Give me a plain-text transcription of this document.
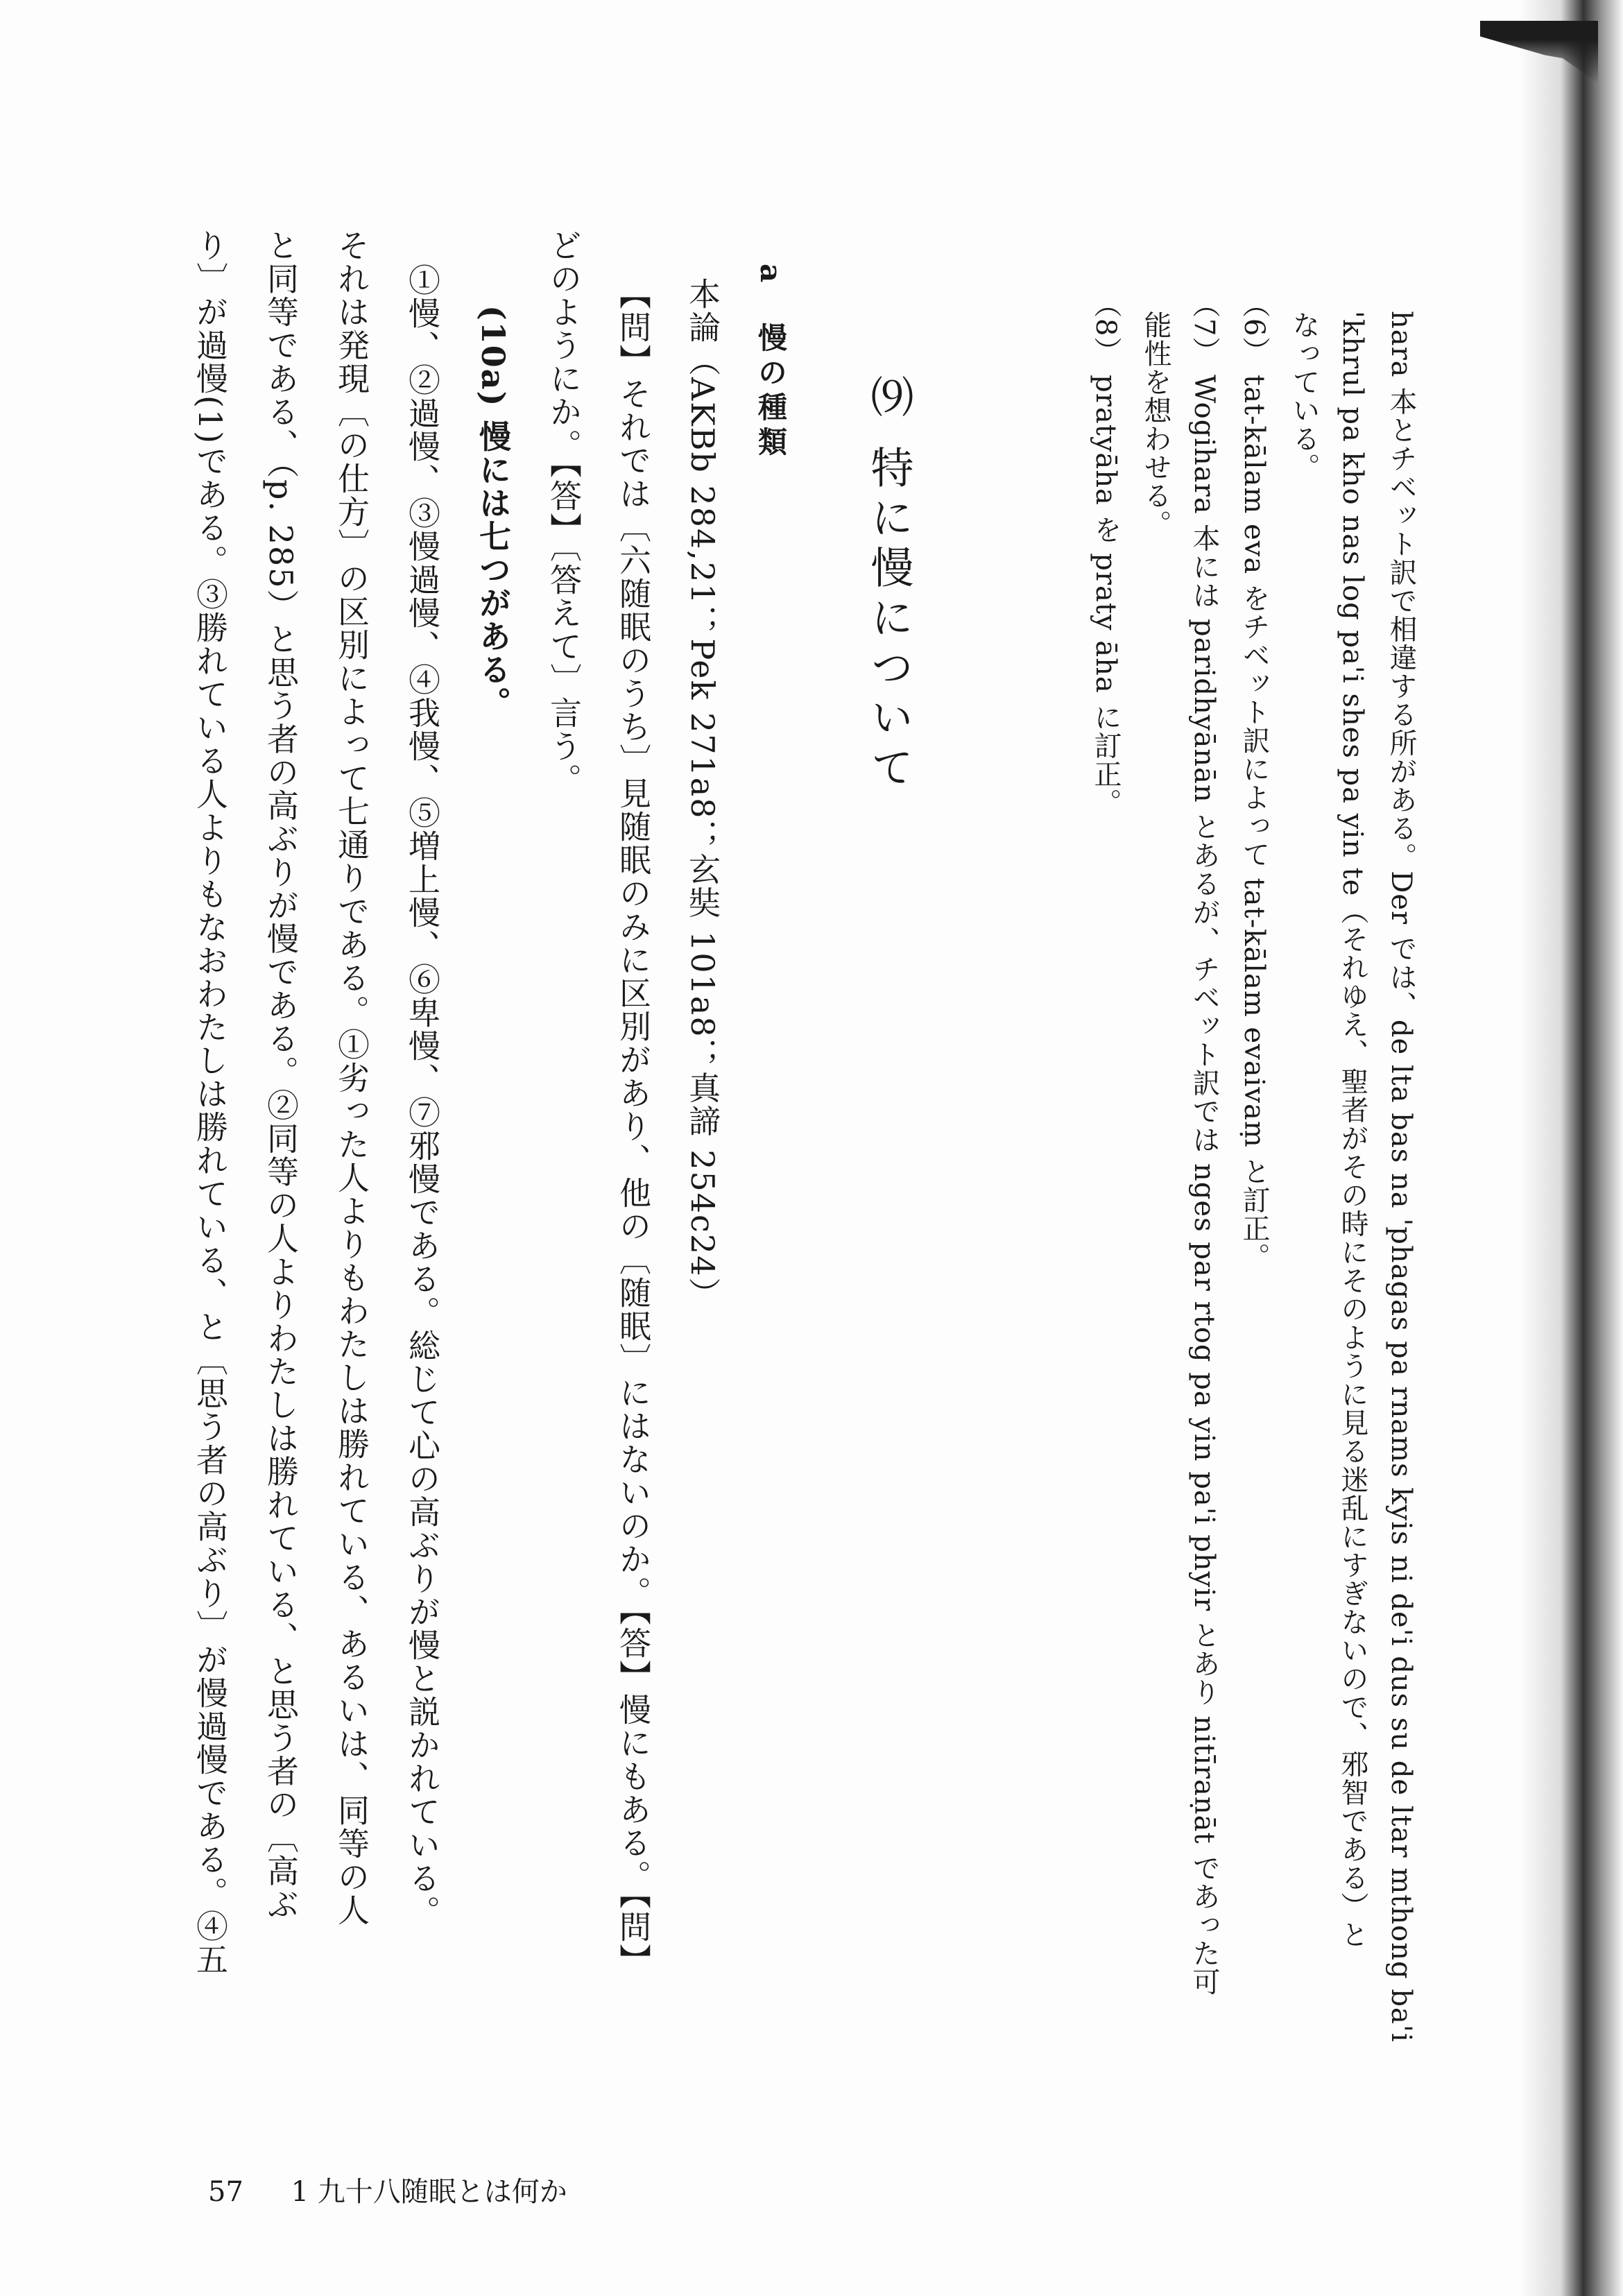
hara 本とチベット訳で相違する所がある。Der では、de lta bas na 'phagas pa rnams kyis ni de'i dus su de ltar mthong ba'i
'khrul pa kho nas log pa'i shes pa yin te（それゆえ、聖者がその時にそのように見る迷乱にすぎないので、邪智である）と
なっている。
（6） tat-kālam eva をチベット訳によって tat-kālam evaivaṃ と訂正。
（7） Wogihara 本には paridhyānān とあるが、チベット訳では nges par rtog pa yin pa'i phyir とあり nitīraṇāt であった可
能性を想わせる。
（8） pratyāha を praty āha に訂正。
⑼ 特に慢について
a　慢の種類
本論（AKBb 284,21；Pek 271a8；玄奘 101a8；真諦 254c24）
【問】それでは〔六随眠のうち〕見随眠のみに区別があり、他の〔随眠〕にはないのか。【答】慢にもある。【問】
どのようにか。【答】〔答えて〕言う。
(10a) 慢には七つがある。
①慢、②過慢、③慢過慢、④我慢、⑤増上慢、⑥卑慢、⑦邪慢である。総じて心の高ぶりが慢と説かれている。
それは発現〔の仕方〕の区別によって七通りである。①劣った人よりもわたしは勝れている、あるいは、同等の人
と同等である、（p. 285）と思う者の高ぶりが慢である。②同等の人よりわたしは勝れている、と思う者の〔高ぶ
り〕が過慢(1)である。③勝れている人よりもなおわたしは勝れている、と〔思う者の高ぶり〕が慢過慢である。④五
57 1 九十八随眠とは何か
